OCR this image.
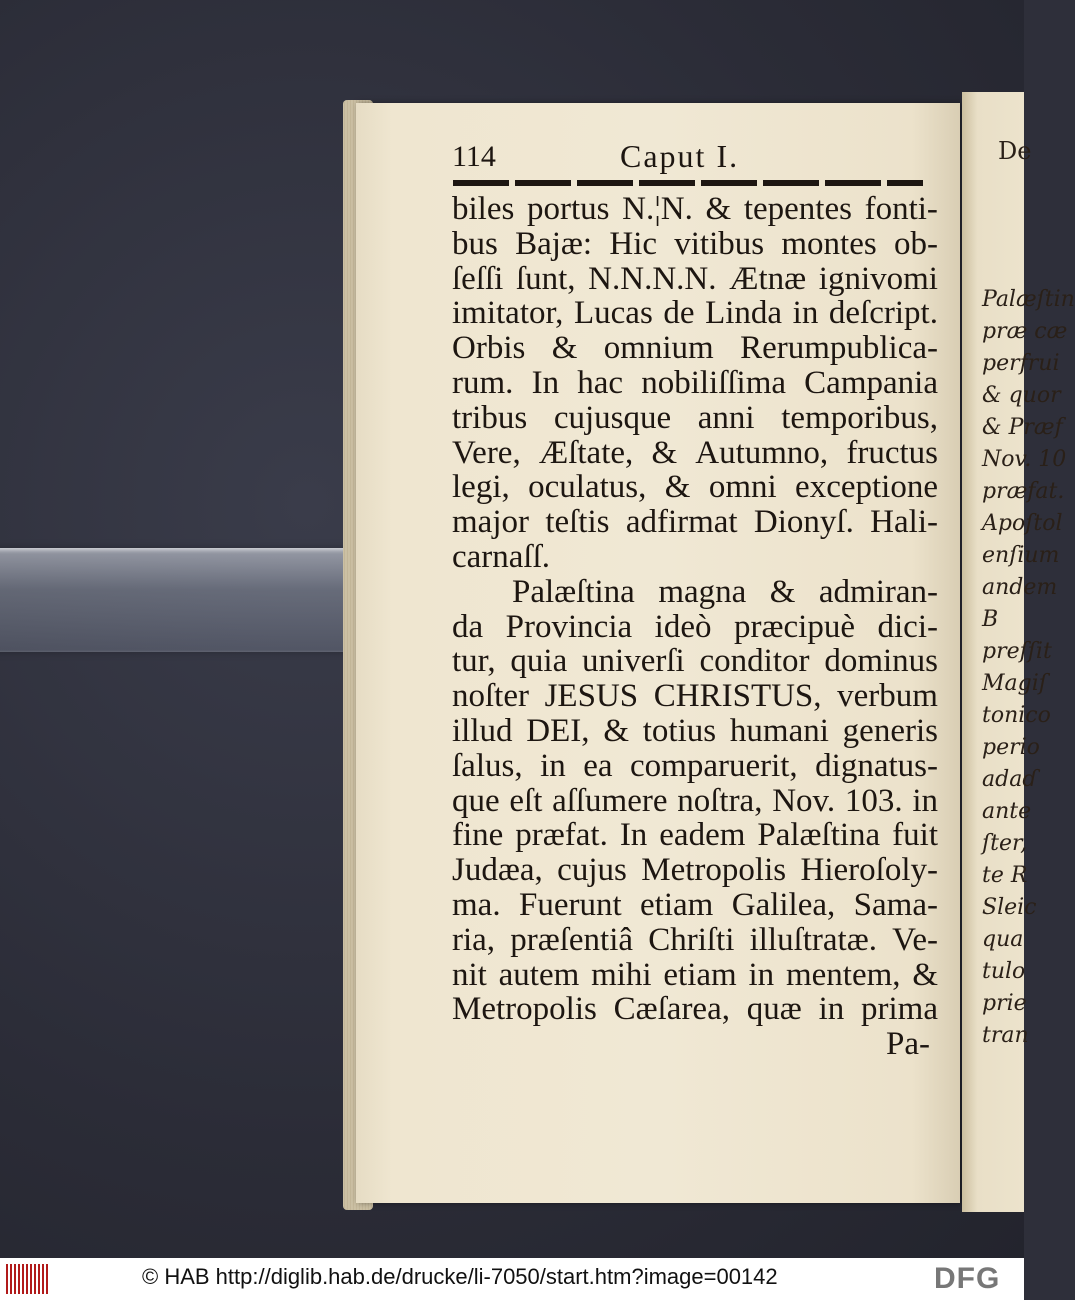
De
Palæſtin
præ cæ
perfrui
& quor
& Præf
Nov. 10
præfat.
Apoſtol
enſium
andem
B
preſſit
Magiſ
tonico
perio
adaɗ
ante
ſter,
te R
Sleic
qua
tulo
prie
tran
114	Caput I.
biles portus N.¦N. & tepentes fonti-
bus Bajæ: Hic vitibus montes ob-
ſeſſi ſunt, N.N.N.N. Ætnæ ignivomi
imitator, Lucas de Linda in deſcript.
Orbis & omnium Rerumpublica-
rum. In hac nobiliſſima Campania
tribus cujusque anni temporibus,
Vere, Æſtate, & Autumno, fructus
legi, oculatus, & omni exceptione
major teſtis adfirmat Dionyſ. Hali-
carnaſſ.
Palæſtina magna & admiran-
da Provincia ideò præcipuè dici-
tur, quia univerſi conditor dominus
noſter JESUS CHRISTUS, verbum
illud DEI, & totius humani generis
ſalus, in ea comparuerit, dignatus-
que eſt aſſumere noſtra, Nov. 103. in
fine præfat. In eadem Palæſtina fuit
Judæa, cujus Metropolis Hieroſoly-
ma. Fuerunt etiam Galilea, Sama-
ria, præſentiâ Chriſti illuſtratæ. Ve-
nit autem mihi etiam in mentem, &
Metropolis Cæſarea, quæ in prima
Pa-
© HAB http://diglib.hab.de/drucke/li-7050/start.htm?image=00142	DFG
